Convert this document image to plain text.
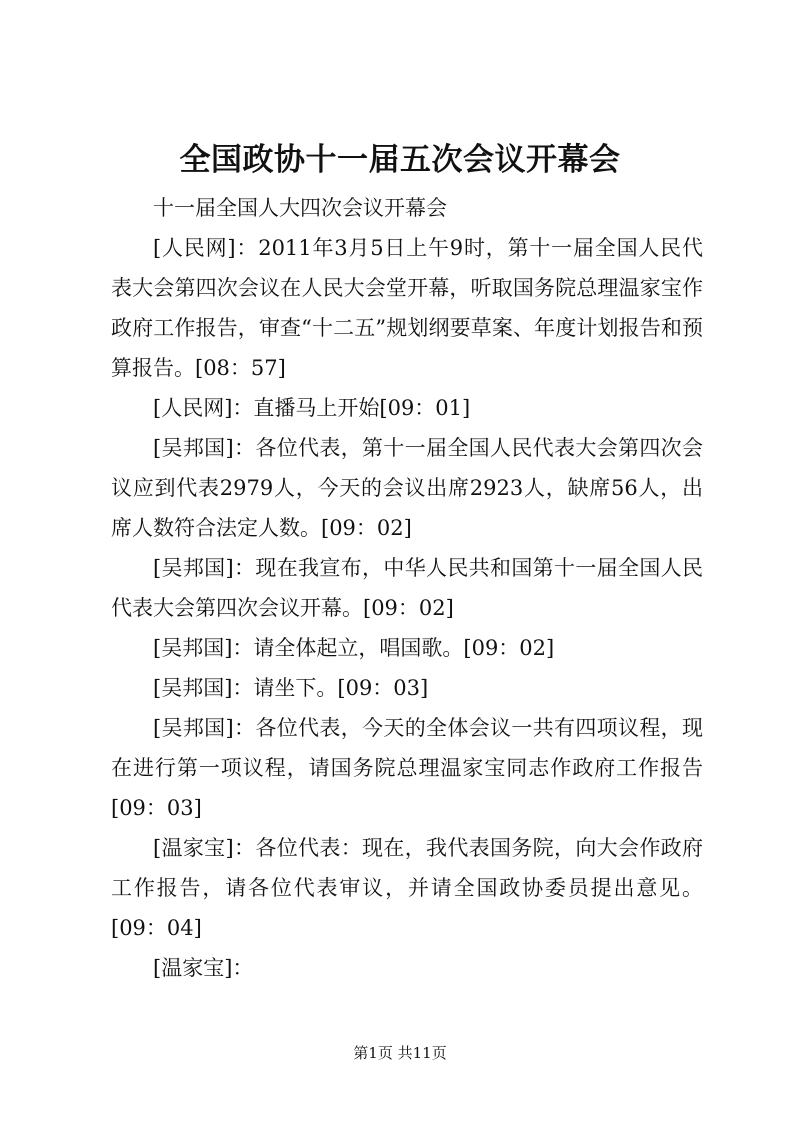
全国政协十一届五次会议开幕会

十一届全国人大四次会议开幕会

[人民网]：2011年3月5日上午9时，第十一届全国人民代表大会第四次会议在人民大会堂开幕，听取国务院总理温家宝作政府工作报告，审查“十二五”规划纲要草案、年度计划报告和预算报告。[08：57]

[人民网]：直播马上开始[09：01]

[吴邦国]：各位代表，第十一届全国人民代表大会第四次会议应到代表2979人，今天的会议出席2923人，缺席56人，出席人数符合法定人数。[09：02]

[吴邦国]：现在我宣布，中华人民共和国第十一届全国人民代表大会第四次会议开幕。[09：02]

[吴邦国]：请全体起立，唱国歌。[09：02]

[吴邦国]：请坐下。[09：03]

[吴邦国]：各位代表，今天的全体会议一共有四项议程，现在进行第一项议程，请国务院总理温家宝同志作政府工作报告[09：03]

[温家宝]：各位代表：现在，我代表国务院，向大会作政府工作报告，请各位代表审议，并请全国政协委员提出意见。[09：04]

[温家宝]：

第1页 共11页
